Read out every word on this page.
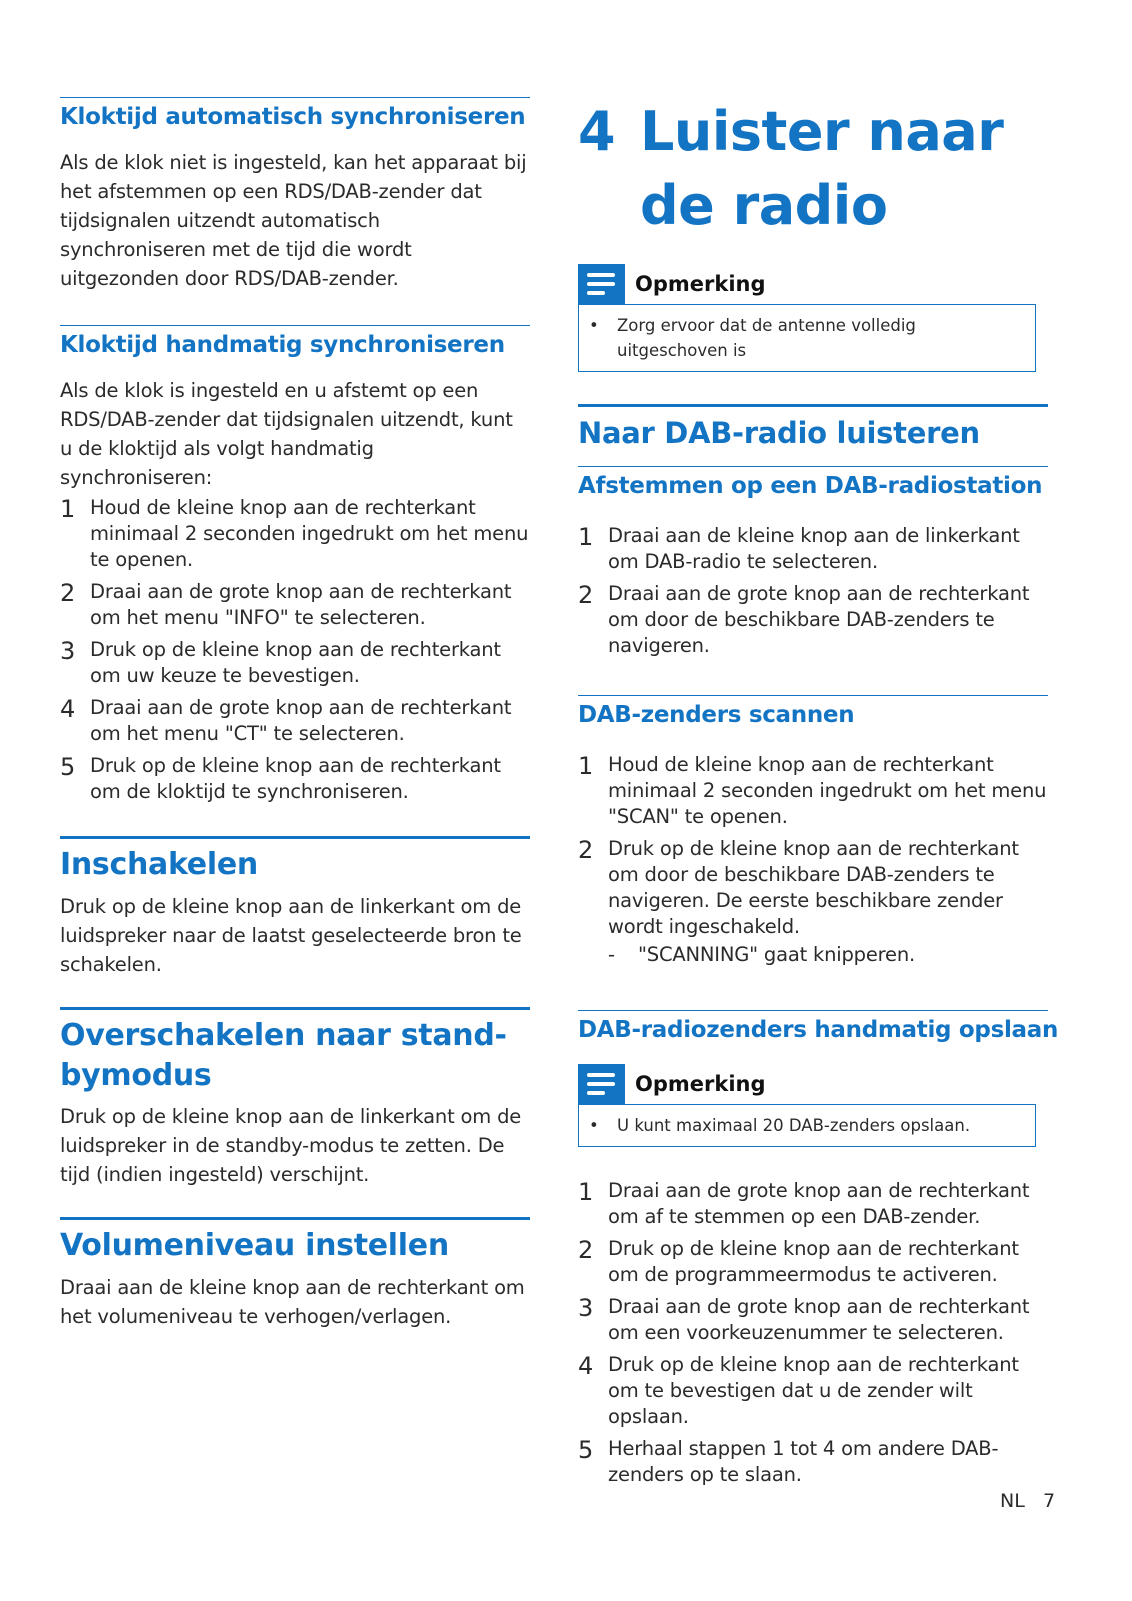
Kloktijd automatisch synchroniseren
Als de klok niet is ingesteld, kan het apparaat bij het afstemmen op een RDS/DAB-zender dat tijdsignalen uitzendt automatisch synchroniseren met de tijd die wordt uitgezonden door RDS/DAB-zender.
Kloktijd handmatig synchroniseren
Als de klok is ingesteld en u afstemt op een RDS/DAB-zender dat tijdsignalen uitzendt, kunt u de kloktijd als volgt handmatig synchroniseren:
1 Houd de kleine knop aan de rechterkant minimaal 2 seconden ingedrukt om het menu te openen.
2 Draai aan de grote knop aan de rechterkant om het menu "INFO" te selecteren.
3 Druk op de kleine knop aan de rechterkant om uw keuze te bevestigen.
4 Draai aan de grote knop aan de rechterkant om het menu "CT" te selecteren.
5 Druk op de kleine knop aan de rechterkant om de kloktijd te synchroniseren.
Inschakelen
Druk op de kleine knop aan de linkerkant om de luidspreker naar de laatst geselecteerde bron te schakelen.
Overschakelen naar stand-bymodus
Druk op de kleine knop aan de linkerkant om de luidspreker in de standby-modus te zetten. De tijd (indien ingesteld) verschijnt.
Volumeniveau instellen
Draai aan de kleine knop aan de rechterkant om het volumeniveau te verhogen/verlagen.
4 Luister naar de radio
Opmerking
•	Zorg ervoor dat de antenne volledig uitgeschoven is
Naar DAB-radio luisteren
Afstemmen op een DAB-radiostation
1 Draai aan de kleine knop aan de linkerkant om DAB-radio te selecteren.
2 Draai aan de grote knop aan de rechterkant om door de beschikbare DAB-zenders te navigeren.
DAB-zenders scannen
1 Houd de kleine knop aan de rechterkant minimaal 2 seconden ingedrukt om het menu "SCAN" te openen.
2 Druk op de kleine knop aan de rechterkant om door de beschikbare DAB-zenders te navigeren. De eerste beschikbare zender wordt ingeschakeld.
-	"SCANNING" gaat knipperen.
DAB-radiozenders handmatig opslaan
Opmerking
•	U kunt maximaal 20 DAB-zenders opslaan.
1 Draai aan de grote knop aan de rechterkant om af te stemmen op een DAB-zender.
2 Druk op de kleine knop aan de rechterkant om de programmeermodus te activeren.
3 Draai aan de grote knop aan de rechterkant om een voorkeuzenummer te selecteren.
4 Druk op de kleine knop aan de rechterkant om te bevestigen dat u de zender wilt opslaan.
5 Herhaal stappen 1 tot 4 om andere DAB-zenders op te slaan.
NL 7
